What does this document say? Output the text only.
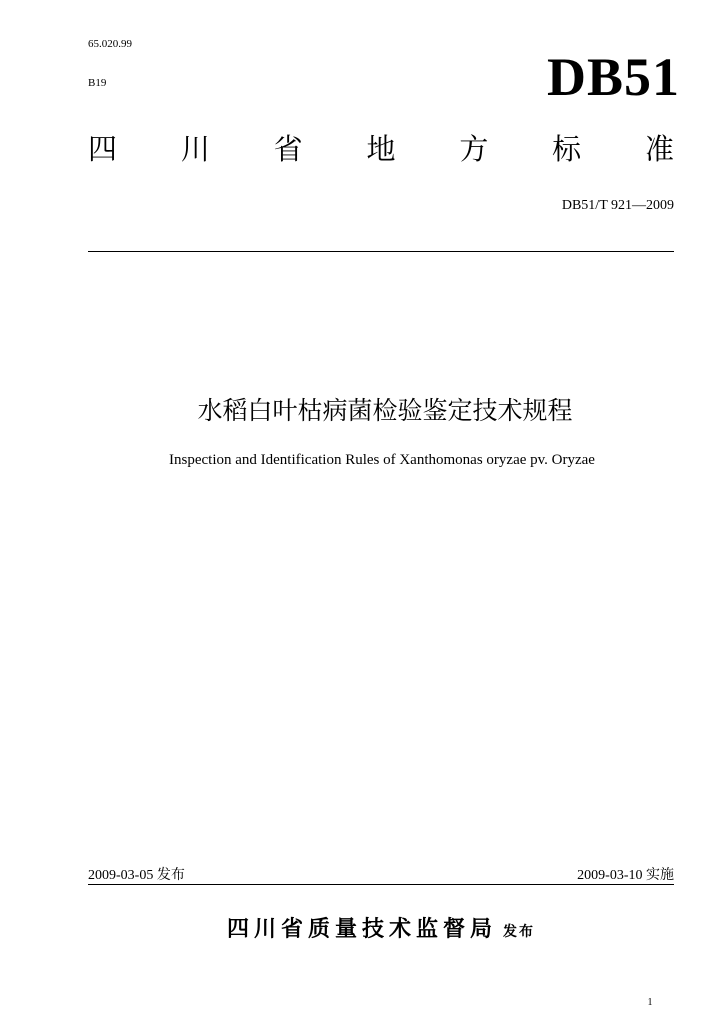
65.020.99
B19	DB51
四 川 省 地 方 标 准
DB51/T 921—2009
水稻白叶枯病菌检验鉴定技术规程
Inspection and Identification Rules of Xanthomonas oryzae pv. Oryzae
2009-03-05 发布	2009-03-10 实施
四川省质量技术监督局 发布
1
